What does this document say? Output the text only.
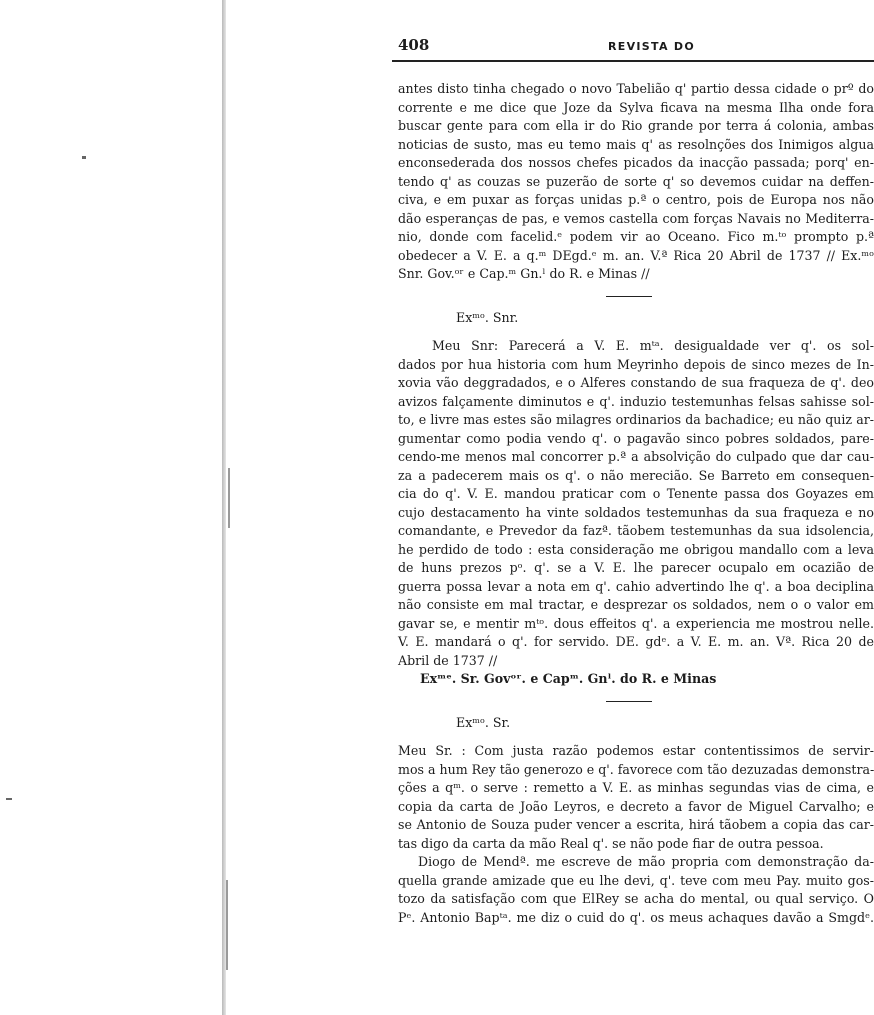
408	REVISTA DO
antes disto tinha chegado o novo Tabelião q' partio dessa cidade o prº do
corrente e me dice que Joze da Sylva ficava na mesma Ilha onde fora
buscar gente para com ella ir do Rio grande por terra á colonia, ambas
noticias de susto, mas eu temo mais q' as resolnções dos Inimigos algua
enconsederada dos nossos chefes picados da inacção passada; porq' en-
tendo q' as couzas se puzerão de sorte q' so devemos cuidar na deffen-
civa, e em puxar as forças unidas p.ª o centro, pois de Europa nos não
dão esperanças de pas, e vemos castella com forças Navais no Mediterra-
nio, donde com facelid.ᵉ podem vir ao Oceano. Fico m.ᵗᵒ prompto p.ª
obedecer a V. E. a q.ᵐ DEgd.ᵉ m. an. V.ª Rica 20 Abril de 1737 // Ex.ᵐᵒ
Snr. Gov.ᵒʳ e Cap.ᵐ Gn.ˡ do R. e Minas //
Exᵐᵒ. Snr.
Meu Snr: Parecerá a V. E. mᵗᵃ. desigualdade ver q'. os sol-
dados por hua historia com hum Meyrinho depois de sinco mezes de In-
xovia vão deggradados, e o Alferes constando de sua fraqueza de q'. deo
avizos falçamente diminutos e q'. induzio testemunhas felsas sahisse sol-
to, e livre mas estes são milagres ordinarios da bachadice; eu não quiz ar-
gumentar como podia vendo q'. o pagavão sinco pobres soldados, pare-
cendo-me menos mal concorrer p.ª a absolvição do culpado que dar cau-
za a padecerem mais os q'. o não merecião. Se Barreto em consequen-
cia do q'. V. E. mandou praticar com o Tenente passa dos Goyazes em
cujo destacamento ha vinte soldados testemunhas da sua fraqueza e no
comandante, e Prevedor da fazª. tãobem testemunhas da sua idsolencia,
he perdido de todo : esta consideração me obrigou mandallo com a leva
de huns prezos pᵒ. q'. se a V. E. lhe parecer ocupalo em ocazião de
guerra possa levar a nota em q'. cahio advertindo lhe q'. a boa deciplina
não consiste em mal tractar, e desprezar os soldados, nem o o valor em
gavar se, e mentir mᵗᵒ. dous effeitos q'. a experiencia me mostrou nelle.
V. E. mandará o q'. for servido. DE. gdᵉ. a V. E. m. an. Vª. Rica 20 de
Abril de 1737 //
Exᵐᵉ. Sr. Govᵒʳ. e Capᵐ. Gnˡ. do R. e Minas
Exᵐᵒ. Sr.
Meu Sr. : Com justa razão podemos estar contentissimos de servir-
mos a hum Rey tão generozo e q'. favorece com tão dezuzadas demonstra-
ções a qᵐ. o serve : remetto a V. E. as minhas segundas vias de cima, e
copia da carta de João Leyros, e decreto a favor de Miguel Carvalho; e
se Antonio de Souza puder vencer a escrita, hirá tãobem a copia das car-
tas digo da carta da mão Real q'. se não pode fiar de outra pessoa.
Diogo de Mendª. me escreve de mão propria com demonstração da-
quella grande amizade que eu lhe devi, q'. teve com meu Pay. muito gos-
tozo da satisfação com que ElRey se acha do mental, ou qual serviço. O
Pᵉ. Antonio Bapᵗᵃ. me diz o cuid do q'. os meus achaques davão a Smgdᵉ.
